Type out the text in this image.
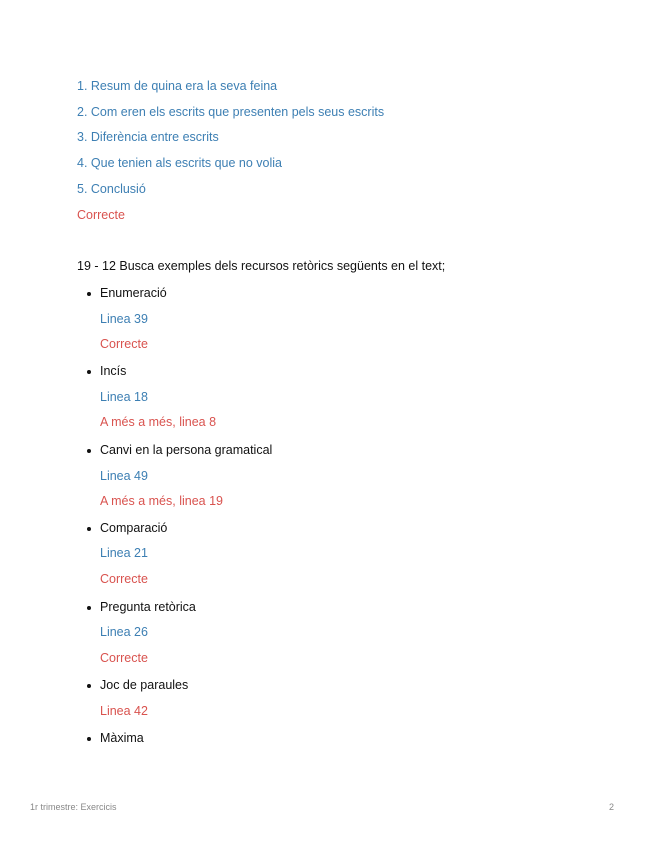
1. Resum de quina era la seva feina
2. Com eren els escrits que presenten pels seus escrits
3. Diferència entre escrits
4. Que tenien als escrits que no volia
5. Conclusió
Correcte
19 - 12 Busca exemples dels recursos retòrics següents en el text;
Enumeració
Linea 39
Correcte
Incís
Linea 18
A més a més, linea 8
Canvi en la persona gramatical
Linea 49
A més a més, linea 19
Comparació
Linea 21
Correcte
Pregunta retòrica
Linea 26
Correcte
Joc de paraules
Linea 42
Màxima
1r trimestre: Exercicis	2
